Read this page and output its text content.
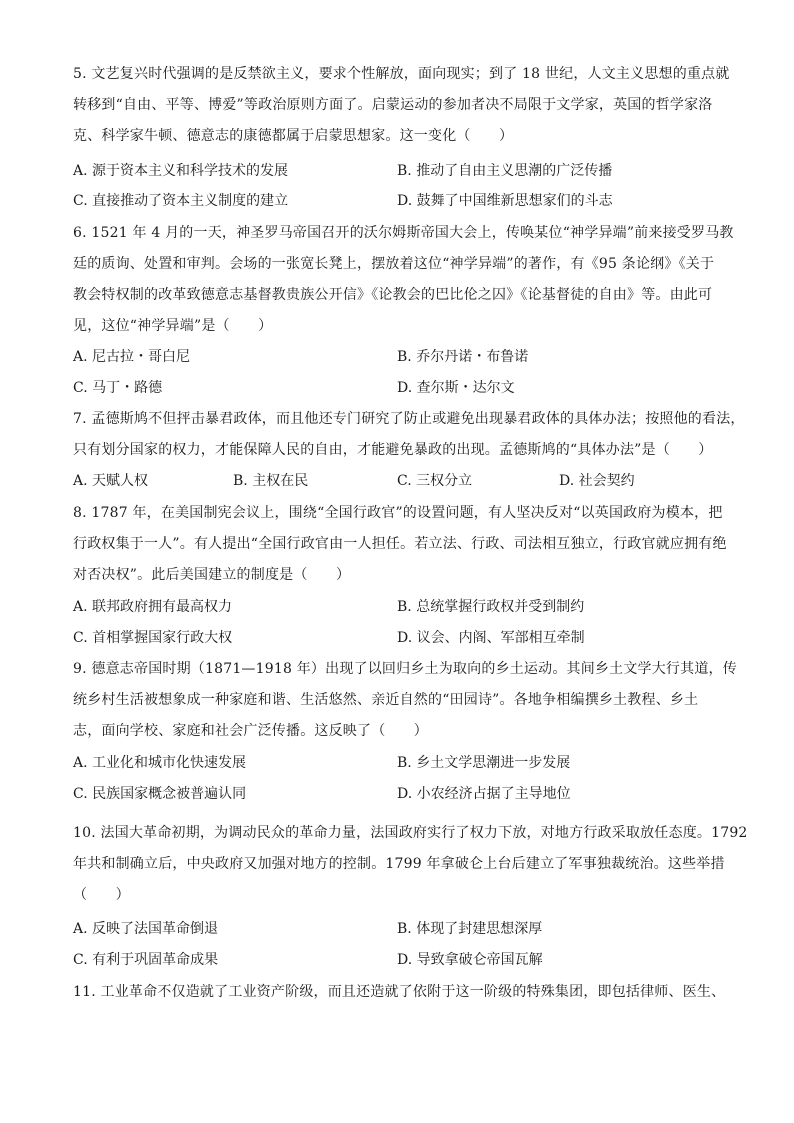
5. 文艺复兴时代强调的是反禁欲主义，要求个性解放，面向现实；到了 18 世纪，人文主义思想的重点就
转移到“自由、平等、博爱”等政治原则方面了。启蒙运动的参加者决不局限于文学家，英国的哲学家洛
克、科学家牛顿、德意志的康德都属于启蒙思想家。这一变化（　　）
A. 源于资本主义和科学技术的发展	B. 推动了自由主义思潮的广泛传播
C. 直接推动了资本主义制度的建立	D. 鼓舞了中国维新思想家们的斗志
6. 1521 年 4 月的一天，神圣罗马帝国召开的沃尔姆斯帝国大会上，传唤某位“神学异端”前来接受罗马教
廷的质询、处置和审判。会场的一张宽长凳上，摆放着这位“神学异端”的著作，有《95 条论纲》《关于
教会特权制的改革致德意志基督教贵族公开信》《论教会的巴比伦之囚》《论基督徒的自由》等。由此可
见，这位“神学异端”是（　　）
A. 尼古拉・哥白尼	B. 乔尔丹诺・布鲁诺
C. 马丁・路德	D. 查尔斯・达尔文
7. 孟德斯鸠不但抨击暴君政体，而且他还专门研究了防止或避免出现暴君政体的具体办法；按照他的看法，
只有划分国家的权力，才能保障人民的自由，才能避免暴政的出现。孟德斯鸠的“具体办法”是（　　）
A. 天赋人权	B. 主权在民	C. 三权分立	D. 社会契约
8. 1787 年，在美国制宪会议上，围绕“全国行政官”的设置问题，有人坚决反对“以英国政府为模本，把
行政权集于一人”。有人提出“全国行政官由一人担任。若立法、行政、司法相互独立，行政官就应拥有绝
对否决权”。此后美国建立的制度是（　　）
A. 联邦政府拥有最高权力	B. 总统掌握行政权并受到制约
C. 首相掌握国家行政大权	D. 议会、内阁、军部相互牵制
9. 德意志帝国时期（1871—1918 年）出现了以回归乡土为取向的乡土运动。其间乡土文学大行其道，传
统乡村生活被想象成一种家庭和谐、生活悠然、亲近自然的“田园诗”。各地争相编撰乡土教程、乡土
志，面向学校、家庭和社会广泛传播。这反映了（　　）
A. 工业化和城市化快速发展	B. 乡土文学思潮进一步发展
C. 民族国家概念被普遍认同	D. 小农经济占据了主导地位
10. 法国大革命初期，为调动民众的革命力量，法国政府实行了权力下放，对地方行政采取放任态度。1792
年共和制确立后，中央政府又加强对地方的控制。1799 年拿破仑上台后建立了军事独裁统治。这些举措
（　　）
A. 反映了法国革命倒退	B. 体现了封建思想深厚
C. 有利于巩固革命成果	D. 导致拿破仑帝国瓦解
11. 工业革命不仅造就了工业资产阶级，而且还造就了依附于这一阶级的特殊集团，即包括律师、医生、
